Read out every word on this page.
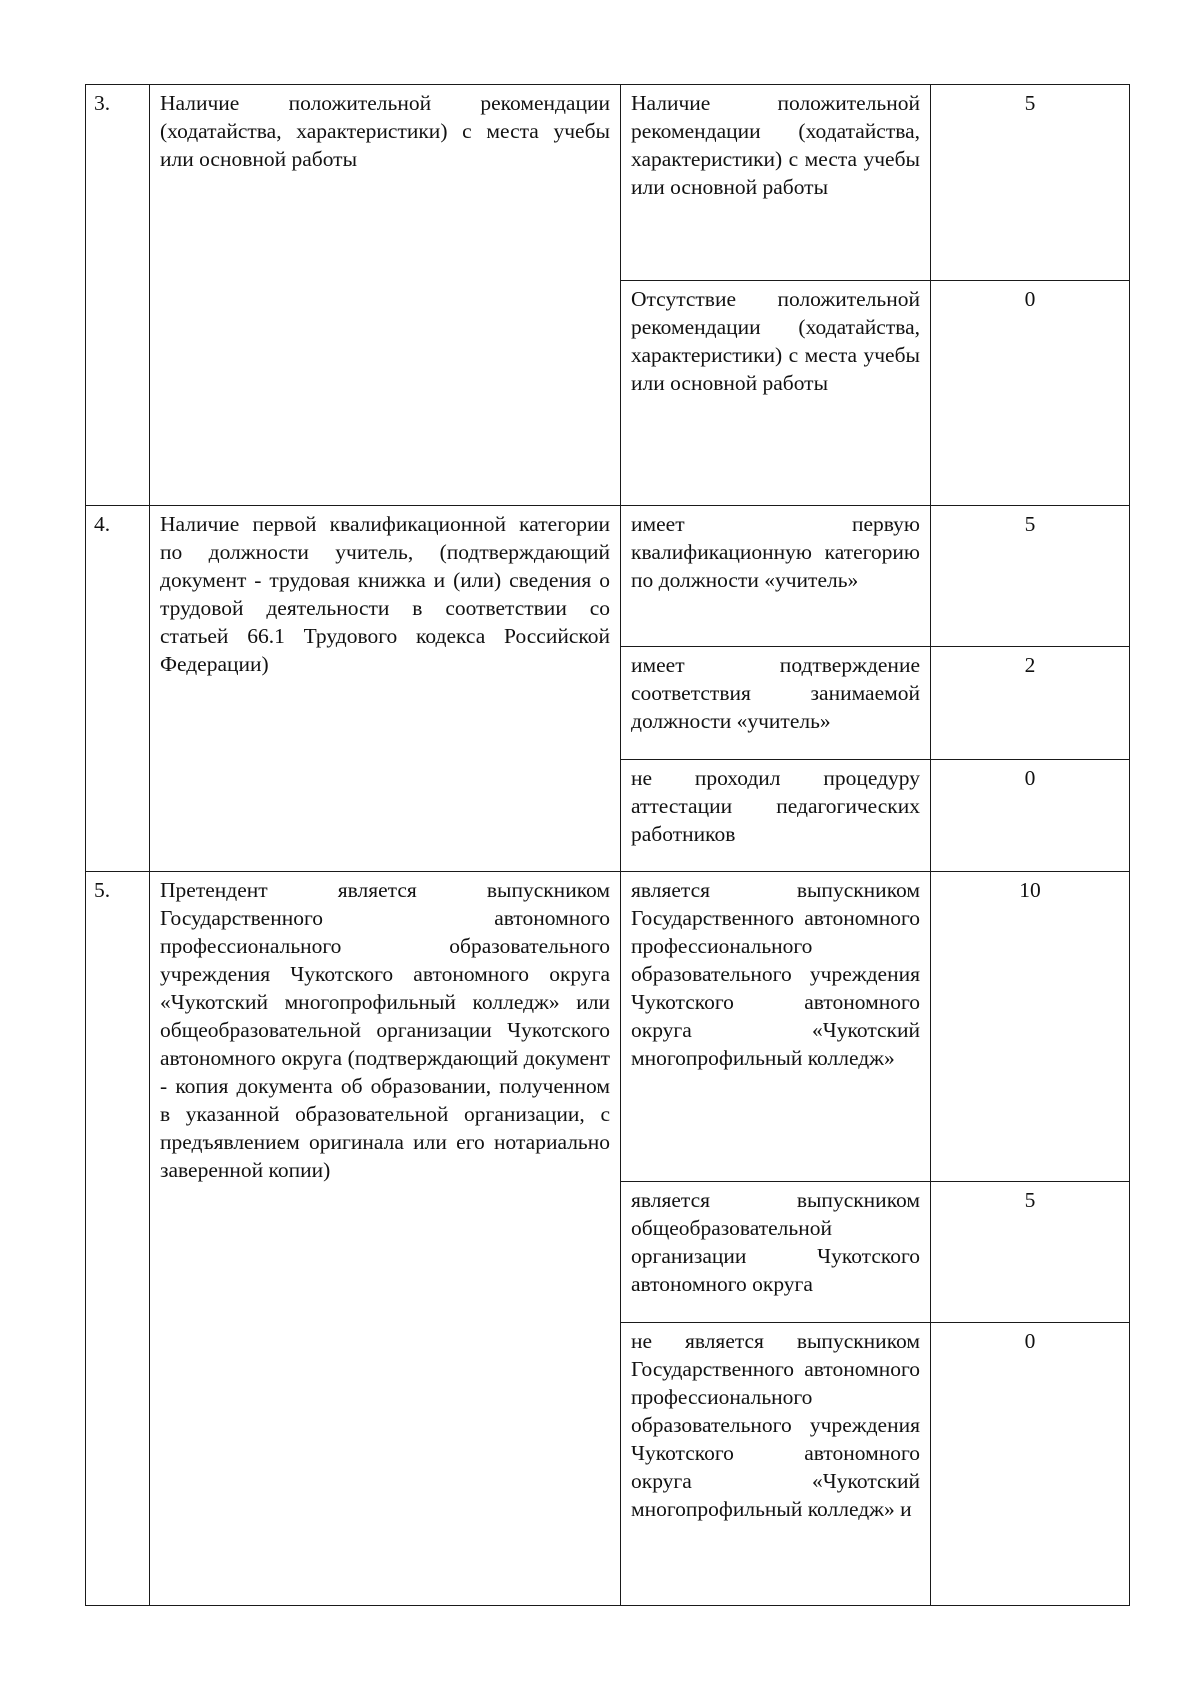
3.	Наличие положительной рекомендации (ходатайства, характеристики) с места учебы или основной работы	Наличие положительной рекомендации (ходатайства, характеристики) с места учебы или основной работы	5
		Отсутствие положительной рекомендации (ходатайства, характеристики) с места учебы или основной работы	0
4.	Наличие первой квалификационной категории по должности учитель, (подтверждающий документ - трудовая книжка и (или) сведения о трудовой деятельности в соответствии со статьей 66.1 Трудового кодекса Российской Федерации)	имеет первую квалификационную категорию по должности «учитель»	5
		имеет подтверждение соответствия занимаемой должности «учитель»	2
		не проходил процедуру аттестации педагогических работников	0
5.	Претендент является выпускником Государственного автономного профессионального образовательного учреждения Чукотского автономного округа «Чукотский многопрофильный колледж» или общеобразовательной организации Чукотского автономного округа (подтверждающий документ - копия документа об образовании, полученном в указанной образовательной организации, с предъявлением оригинала или его нотариально заверенной копии)	является выпускником Государственного автономного профессионального образовательного учреждения Чукотского автономного округа «Чукотский многопрофильный колледж»	10
		является выпускником общеобразовательной организации Чукотского автономного округа	5
		не является выпускником Государственного автономного профессионального образовательного учреждения Чукотского автономного округа «Чукотский многопрофильный колледж» и	0
